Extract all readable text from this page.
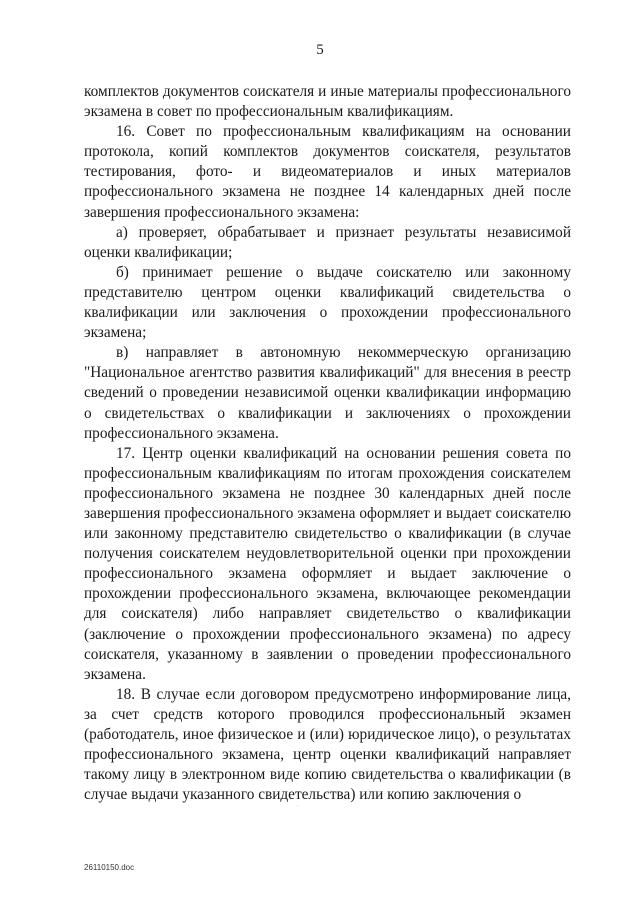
5

комплектов документов соискателя и иные материалы профессионального экзамена в совет по профессиональным квалификациям.

16. Совет по профессиональным квалификациям на основании протокола, копий комплектов документов соискателя, результатов тестирования, фото- и видеоматериалов и иных материалов профессионального экзамена не позднее 14 календарных дней после завершения профессионального экзамена:

а) проверяет, обрабатывает и признает результаты независимой оценки квалификации;

б) принимает решение о выдаче соискателю или законному представителю центром оценки квалификаций свидетельства о квалификации или заключения о прохождении профессионального экзамена;

в) направляет в автономную некоммерческую организацию "Национальное агентство развития квалификаций" для внесения в реестр сведений о проведении независимой оценки квалификации информацию о свидетельствах о квалификации и заключениях о прохождении профессионального экзамена.

17. Центр оценки квалификаций на основании решения совета по профессиональным квалификациям по итогам прохождения соискателем профессионального экзамена не позднее 30 календарных дней после завершения профессионального экзамена оформляет и выдает соискателю или законному представителю свидетельство о квалификации (в случае получения соискателем неудовлетворительной оценки при прохождении профессионального экзамена оформляет и выдает заключение о прохождении профессионального экзамена, включающее рекомендации для соискателя) либо направляет свидетельство о квалификации (заключение о прохождении профессионального экзамена) по адресу соискателя, указанному в заявлении о проведении профессионального экзамена.

18. В случае если договором предусмотрено информирование лица, за счет средств которого проводился профессиональный экзамен (работодатель, иное физическое и (или) юридическое лицо), о результатах профессионального экзамена, центр оценки квалификаций направляет такому лицу в электронном виде копию свидетельства о квалификации (в случае выдачи указанного свидетельства) или копию заключения о

.
26110150.doc
